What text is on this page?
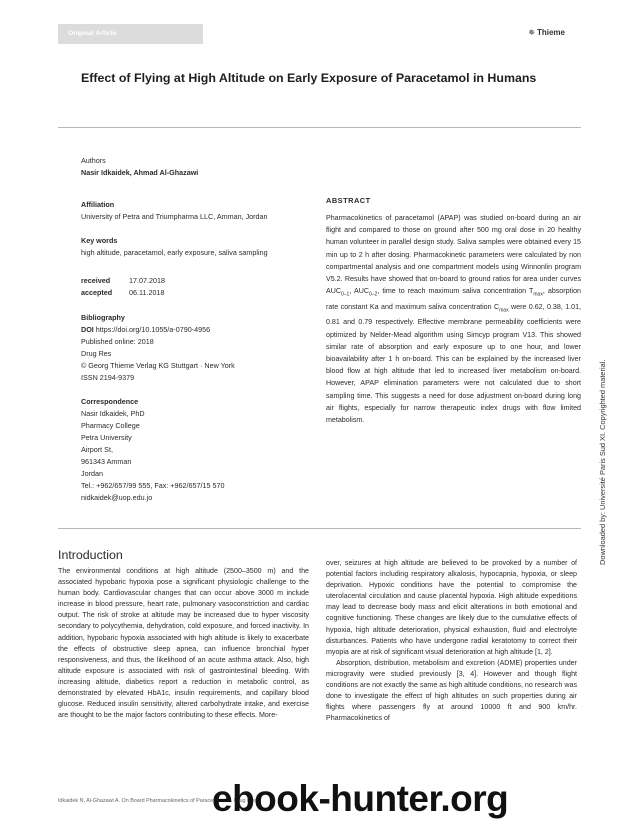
Original Article	✵ Thieme
Effect of Flying at High Altitude on Early Exposure of Paracetamol in Humans
Authors
Nasir Idkaidek, Ahmad Al-Ghazawi
Affiliation
University of Petra and Triumpharma LLC, Amman, Jordan
Key words
high altitude, paracetamol, early exposure, saliva sampling
received	17.07.2018
accepted 06.11.2018
Bibliography
DOI https://doi.org/10.1055/a-0790-4956
Published online: 2018
Drug Res
© Georg Thieme Verlag KG Stuttgart · New York
ISSN 2194-9379
Correspondence
Nasir Idkaidek, PhD
Pharmacy College
Petra University
Airport St,
961343 Amman
Jordan
Tel.: +962/657/99 555, Fax: +962/657/15 570
nidkaidek@uop.edu.jo
ABSTRACT

Pharmacokinetics of paracetamol (APAP) was studied on-board during an air flight and compared to those on ground after 500 mg oral dose in 20 healthy human volunteer in parallel design study. Saliva samples were obtained every 15 min up to 2 h after dosing. Pharmacokinetic parameters were calculated by non compartmental analysis and one compartment models using Winnonlin program V5.2. Results have showed that on-board to ground ratios for area under curves $AUC_{0-1}$, $AUC_{0-2}$, time to reach maximum saliva concentration $T_{max}$, absorption rate constant Ka and maximum saliva concentration $C_{max}$ were 0.62, 0.38, 1.01, 0.81 and 0.79 respectively. Effective membrane permeability coefficients were optimized by Nelder-Mead algorithm using Simcyp program V13. This showed similar rate of absorption and early exposure up to one hour, and lower bioavailability after 1 h on-board. This can be explained by the increased liver blood flow at high altitude that led to increased liver metabolism on-board. However, APAP elimination parameters were not calculated due to short sampling time. This suggests a need for dose adjustment on-board during long air flights, especially for narrow therapeutic index drugs with flow limited metabolism.	Downloaded by: Université Paris Sud XI. Copyrighted material.
Introduction

The environmental conditions at high altitude (2500–3500 m) and the associated hypobaric hypoxia pose a significant physiologic challenge to the human body. Cardiovascular changes that can occur above 3000 m include increase in blood pressure, heart rate, pulmonary vasoconstriction and cardiac output. The risk of stroke at altitude may be increased due to hyper viscosity secondary to polycythemia, dehydration, cold exposure, and forced inactivity. In addition, hypobaric hypoxia associated with high altitude is likely to exacerbate the effects of obstructive sleep apnea, can influence bronchial hyper responsiveness, and thus, the likelihood of an acute asthma attack. Also, high altitude exposure is associated with risk of gastrointestinal bleeding. With increasing altitude, diabetics report a reduction in metabolic control, as demonstrated by elevated HbA1c, insulin requirements, and capillary blood glucose. Reduced insulin sensitivity, altered carbohydrate intake, and exercise are thought to be the major factors contributing to these effects. More-

over, seizures at high altitude are believed to be provoked by a number of potential factors including respiratory alkalosis, hypocapnia, hypoxia, or sleep deprivation. Hypoxic conditions have the potential to compromise the uterolacental circulation and cause placental hypoxia. High altitude expeditions may lead to decrease body mass and elicit alterations in both emotional and cognitive functioning. These changes are likely due to the cumulative effects of hypoxia, high altitude deterioration, physical exhaustion, fluid and electrolyte disturbances. Patients who have undergone radial keratotomy to correct their myopia are at risk of significant visual deterioration at high altitude [1, 2].

Absorption, distribution, metabolism and excretion (ADME) properties under microgravity were studied previously [3, 4]. However and though flight conditions are not exactly the same as high altitude conditions, no research was done to investigate the effect of high altitudes on such properties during air flights where passengers fly at around 10000 ft and 900 km/hr. Pharmacokinetics of

Idkaidek N, Al-Ghazawi A. On Board Pharmacokinetics of Paracetamol ... Drug Res
ebook-hunter.org
